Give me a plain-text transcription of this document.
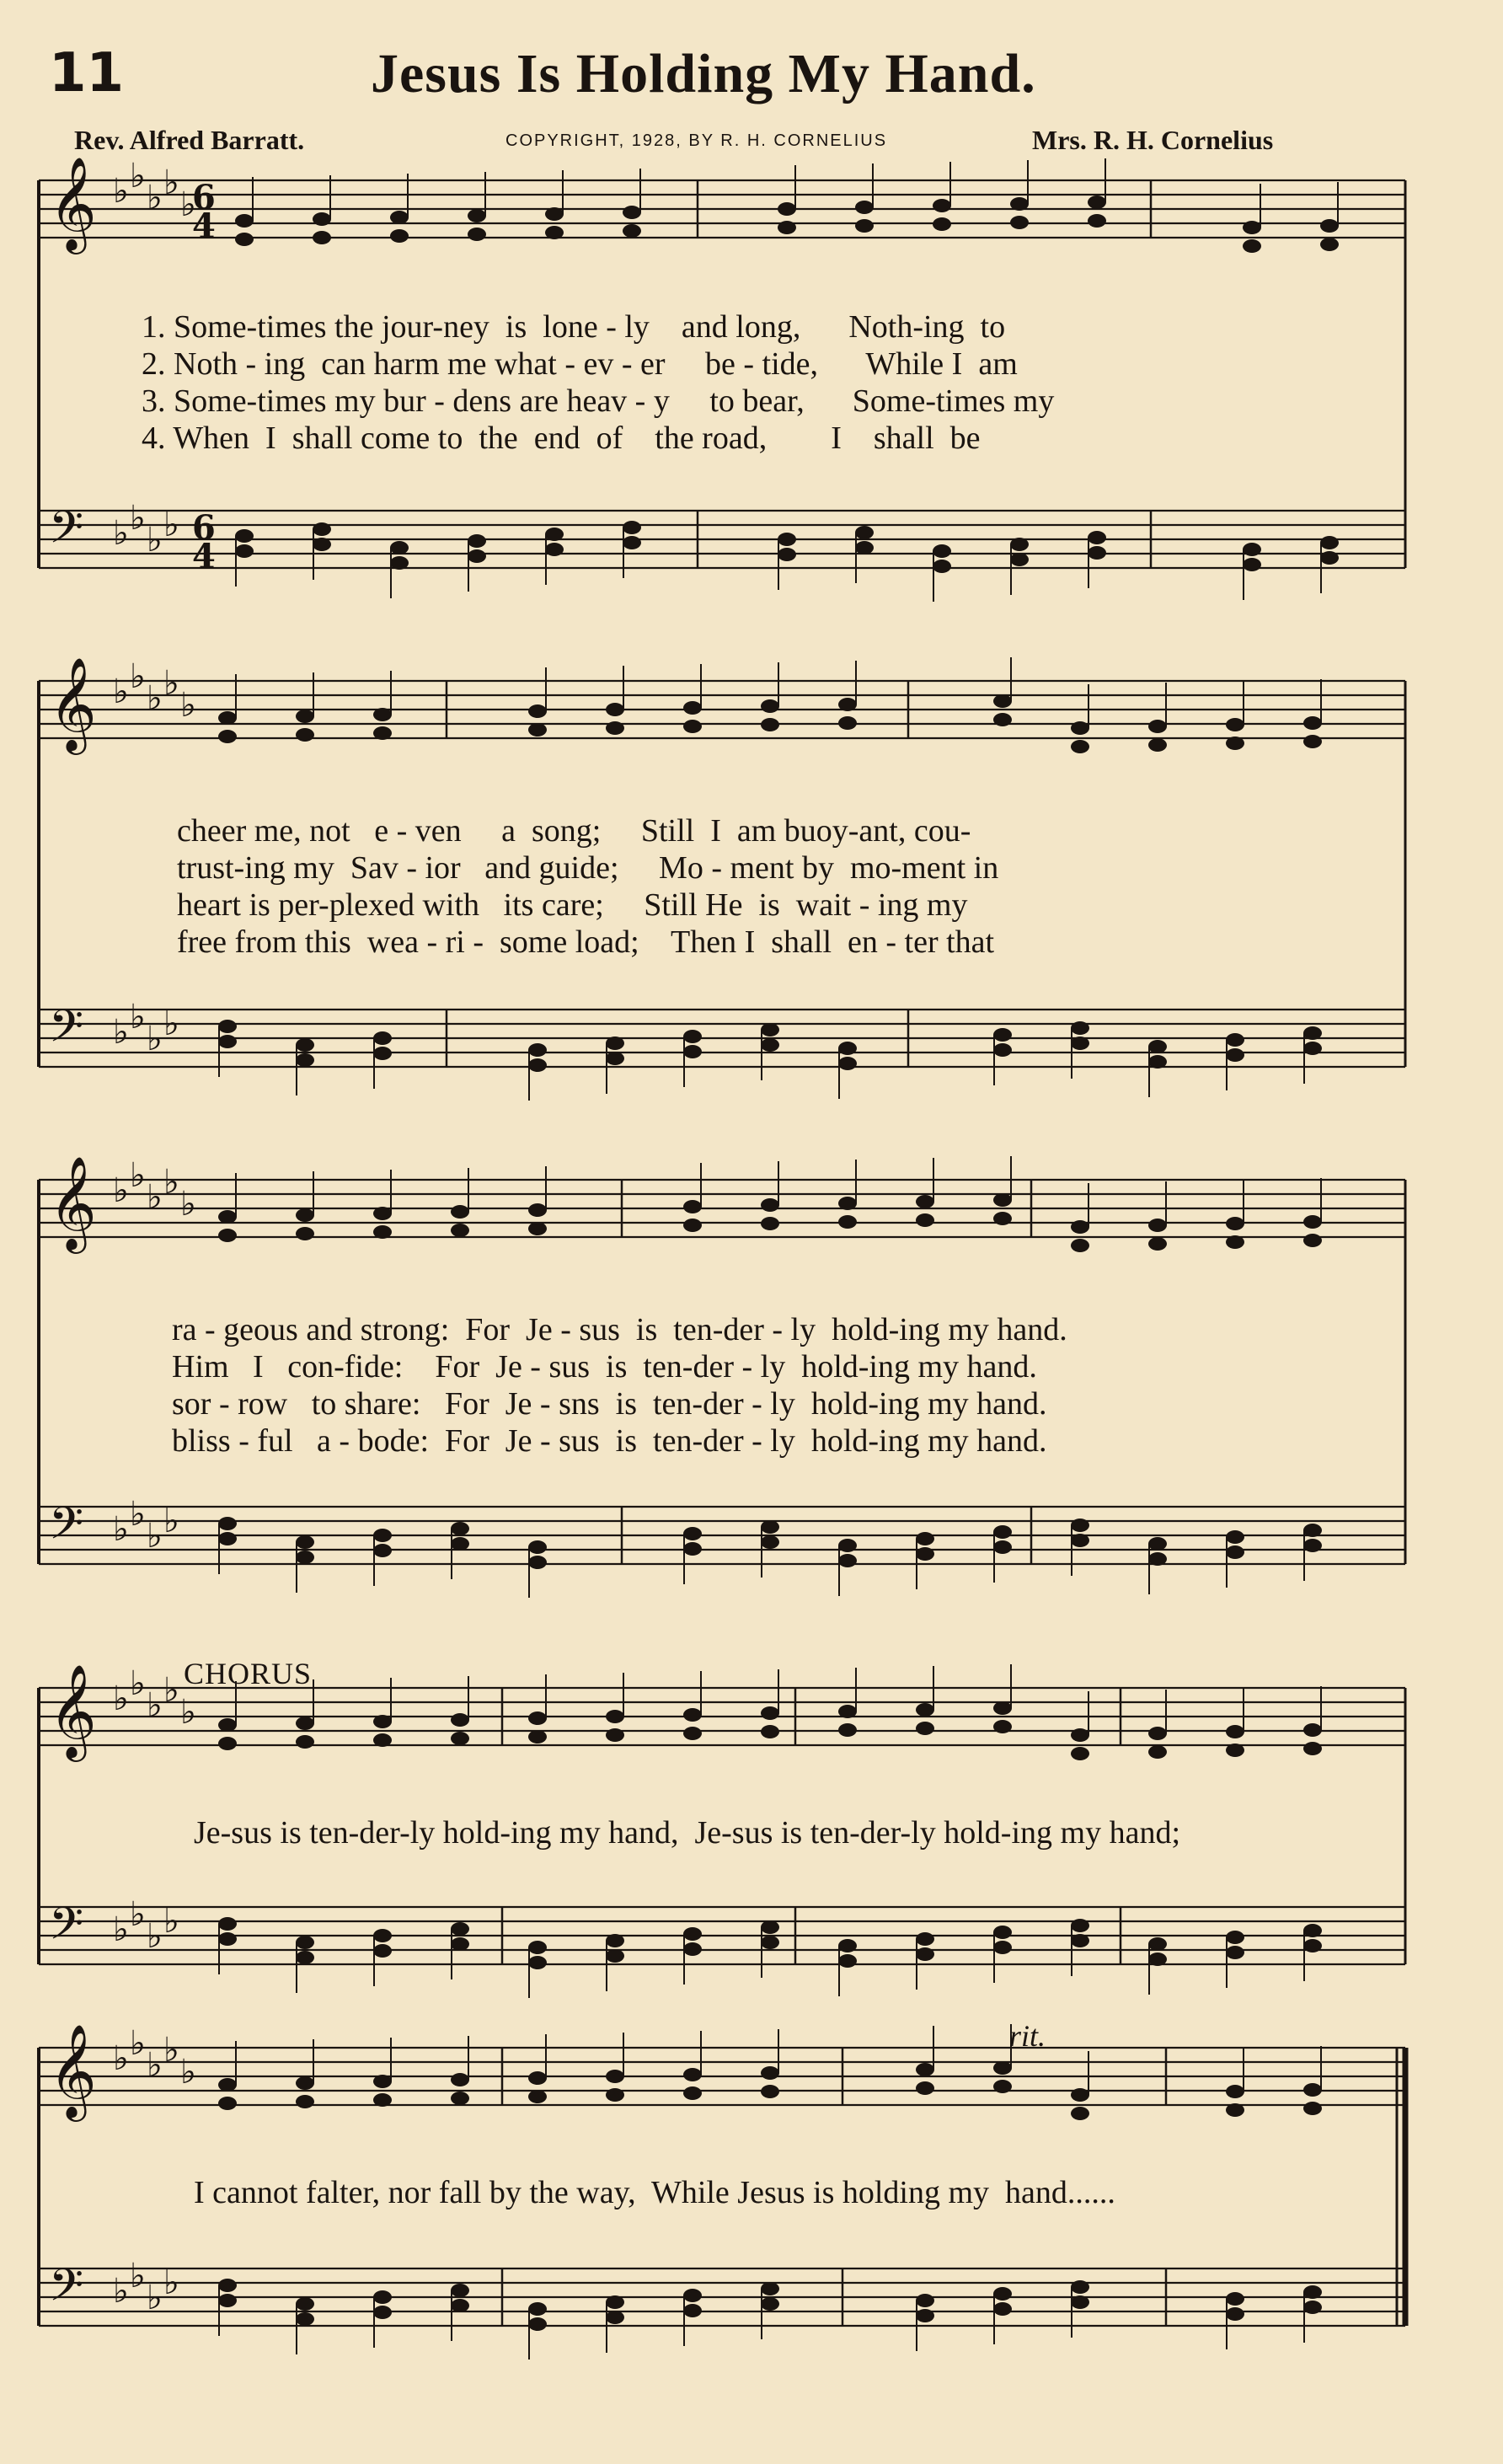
11	Jesus Is Holding My Hand.
Rev. Alfred Barratt.	COPYRIGHT, 1928, BY R. H. CORNELIUS	Mrs. R. H. Cornelius
𝄞 ♭ ♭
♭ ♭
♭
𝄢 ♭ ♭
♭ ♭
6
4
6
4
𝄞 ♭ ♭
♭ ♭
♭
𝄢 ♭ ♭
♭ ♭
𝄞 ♭ ♭
♭ ♭
♭
𝄢 ♭ ♭
♭ ♭
𝄞 ♭ ♭
♭ ♭
♭
𝄢 ♭ ♭
♭ ♭
𝄞 ♭ ♭
♭ ♭
♭
𝄢 ♭ ♭
♭ ♭
1. Some-times the jour-ney  is  lone - ly    and long,      Noth-ing  to
2. Noth - ing  can harm me what - ev - er     be - tide,      While I  am
3. Some-times my bur - dens are heav - y     to bear,      Some-times my
4. When  I  shall come to  the  end  of    the road,        I    shall  be
cheer me, not   e - ven     a  song;     Still  I  am buoy-ant, cou-
trust-ing my  Sav - ior   and guide;     Mo - ment by  mo-ment in
heart is per-plexed with   its care;     Still He  is  wait - ing my
free from this  wea - ri -  some load;    Then I  shall  en - ter that
ra - geous and strong:  For  Je - sus  is  ten-der - ly  hold-ing my hand.
Him   I   con-fide:    For  Je - sus  is  ten-der - ly  hold-ing my hand.
sor - row   to share:   For  Je - sns  is  ten-der - ly  hold-ing my hand.
bliss - ful   a - bode:  For  Je - sus  is  ten-der - ly  hold-ing my hand.
CHORUS
Je-sus is ten-der-ly hold-ing my hand,  Je-sus is ten-der-ly hold-ing my hand;
rit.
I cannot falter, nor fall by the way,  While Jesus is holding my  hand......
